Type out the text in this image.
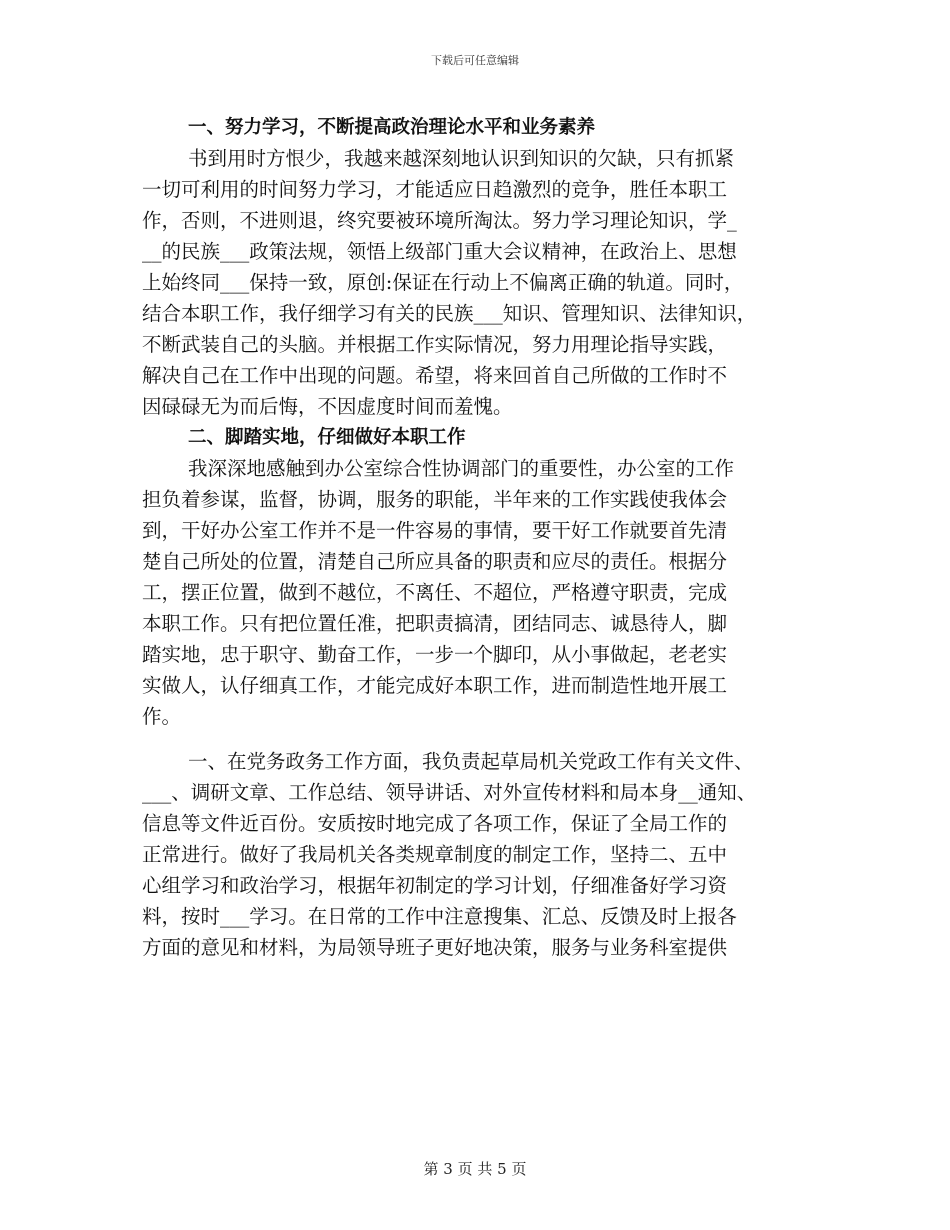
下载后可任意编辑
一、努力学习，不断提高政治理论水平和业务素养
书到用时方恨少，我越来越深刻地认识到知识的欠缺，只有抓紧
一切可利用的时间努力学习，才能适应日趋激烈的竞争，胜任本职工
作，否则，不进则退，终究要被环境所淘汰。努力学习理论知识，学_
__的民族___政策法规，领悟上级部门重大会议精神，在政治上、思想
上始终同___保持一致，原创:保证在行动上不偏离正确的轨道。同时，
结合本职工作，我仔细学习有关的民族___知识、管理知识、法律知识，
不断武装自己的头脑。并根据工作实际情况，努力用理论指导实践，
解决自己在工作中出现的问题。希望，将来回首自己所做的工作时不
因碌碌无为而后悔，不因虚度时间而羞愧。
二、脚踏实地，仔细做好本职工作
我深深地感触到办公室综合性协调部门的重要性，办公室的工作
担负着参谋，监督，协调，服务的职能，半年来的工作实践使我体会
到，干好办公室工作并不是一件容易的事情，要干好工作就要首先清
楚自己所处的位置，清楚自己所应具备的职责和应尽的责任。根据分
工，摆正位置，做到不越位，不离任、不超位，严格遵守职责，完成
本职工作。只有把位置任准，把职责搞清，团结同志、诚恳待人，脚
踏实地，忠于职守、勤奋工作，一步一个脚印，从小事做起，老老实
实做人，认仔细真工作，才能完成好本职工作，进而制造性地开展工
作。
一、在党务政务工作方面，我负责起草局机关党政工作有关文件、
___、调研文章、工作总结、领导讲话、对外宣传材料和局本身__通知、
信息等文件近百份。安质按时地完成了各项工作，保证了全局工作的
正常进行。做好了我局机关各类规章制度的制定工作，坚持二、五中
心组学习和政治学习，根据年初制定的学习计划，仔细准备好学习资
料，按时___学习。在日常的工作中注意搜集、汇总、反馈及时上报各
方面的意见和材料，为局领导班子更好地决策，服务与业务科室提供
第 3 页 共 5 页
